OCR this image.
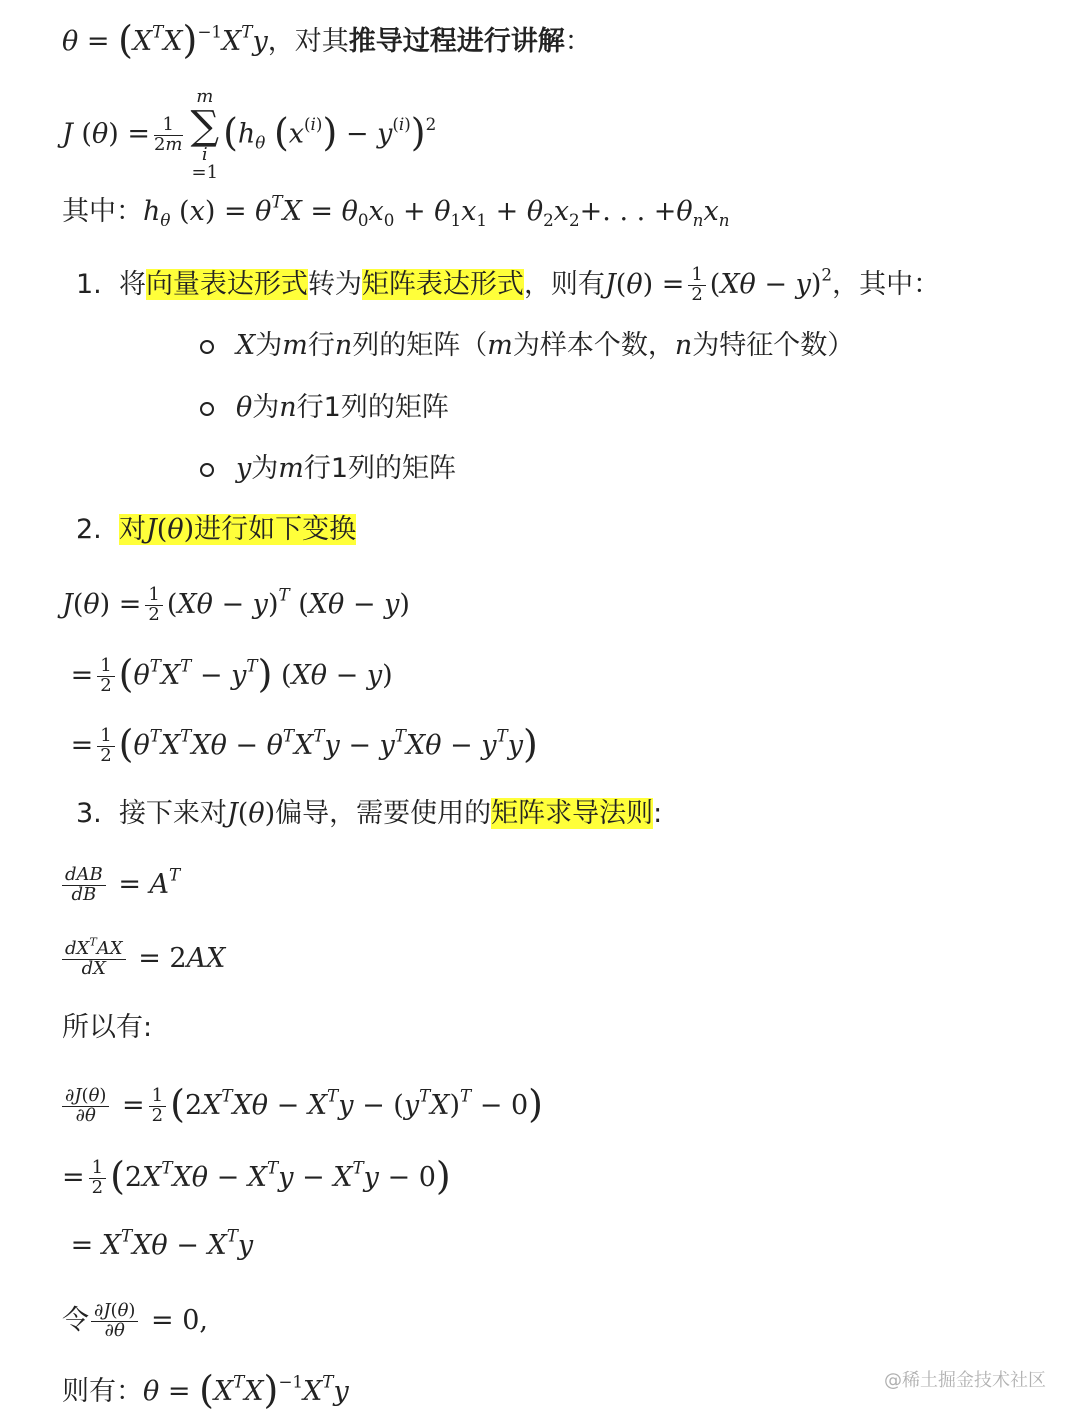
$\theta = (X^TX)^{-1}X^Ty$，对其推导过程进行讲解：
J $(\theta) = \frac{1}{2m}$
m
∑
i
=1
($h_\theta$ $(x^{(i)}) - y^{(i)})^2$
其中：$h_\theta$ $(x) = \theta^TX = \theta_0x_0 + \theta_1x_1 + \theta_2x_2+$. . . $+\theta_nx_n$
1. 将向量表达形式转为矩阵表达形式，则有$J(\theta) = \frac{1}{2} (X\theta - y)^2$，其中：
X为m行n列的矩阵（m为样本个数，n为特征个数）
θ为n行1列的矩阵
y为m行1列的矩阵
2. 对J(θ)进行如下变换
$J(\theta) = \frac{1}{2} (X\theta - y)^T$ (Xθ − y)
= $\frac{1}{2} (\theta^TX^T - y^T) (X\theta - y)$
= $\frac{1}{2} (\theta^TX^TX\theta - \theta^TX^Ty - y^TX\theta - y^Ty)$
3. 接下来对J(θ)偏导，需要使用的矩阵求导法则:
$\frac{\text{dAB}}{dB} = A^T$
$\frac{dX^TAX}{dX} = 2AX$
所以有:
$\frac{\partial J(\theta)}{\partial\theta} = \frac{1}{2} (2X^TX\theta - X^Ty - (y^TX)^T - 0)$
= $\frac{1}{2} (2X^TX\theta - X^Ty - X^Ty - 0)$
= $X^TX\theta - X^Ty$
令 $\frac{\partial J(\theta)}{\partial\theta} = 0$,
则有：$\theta = (X^TX)^{-1}X^Ty$	@稀土掘金技术社区
